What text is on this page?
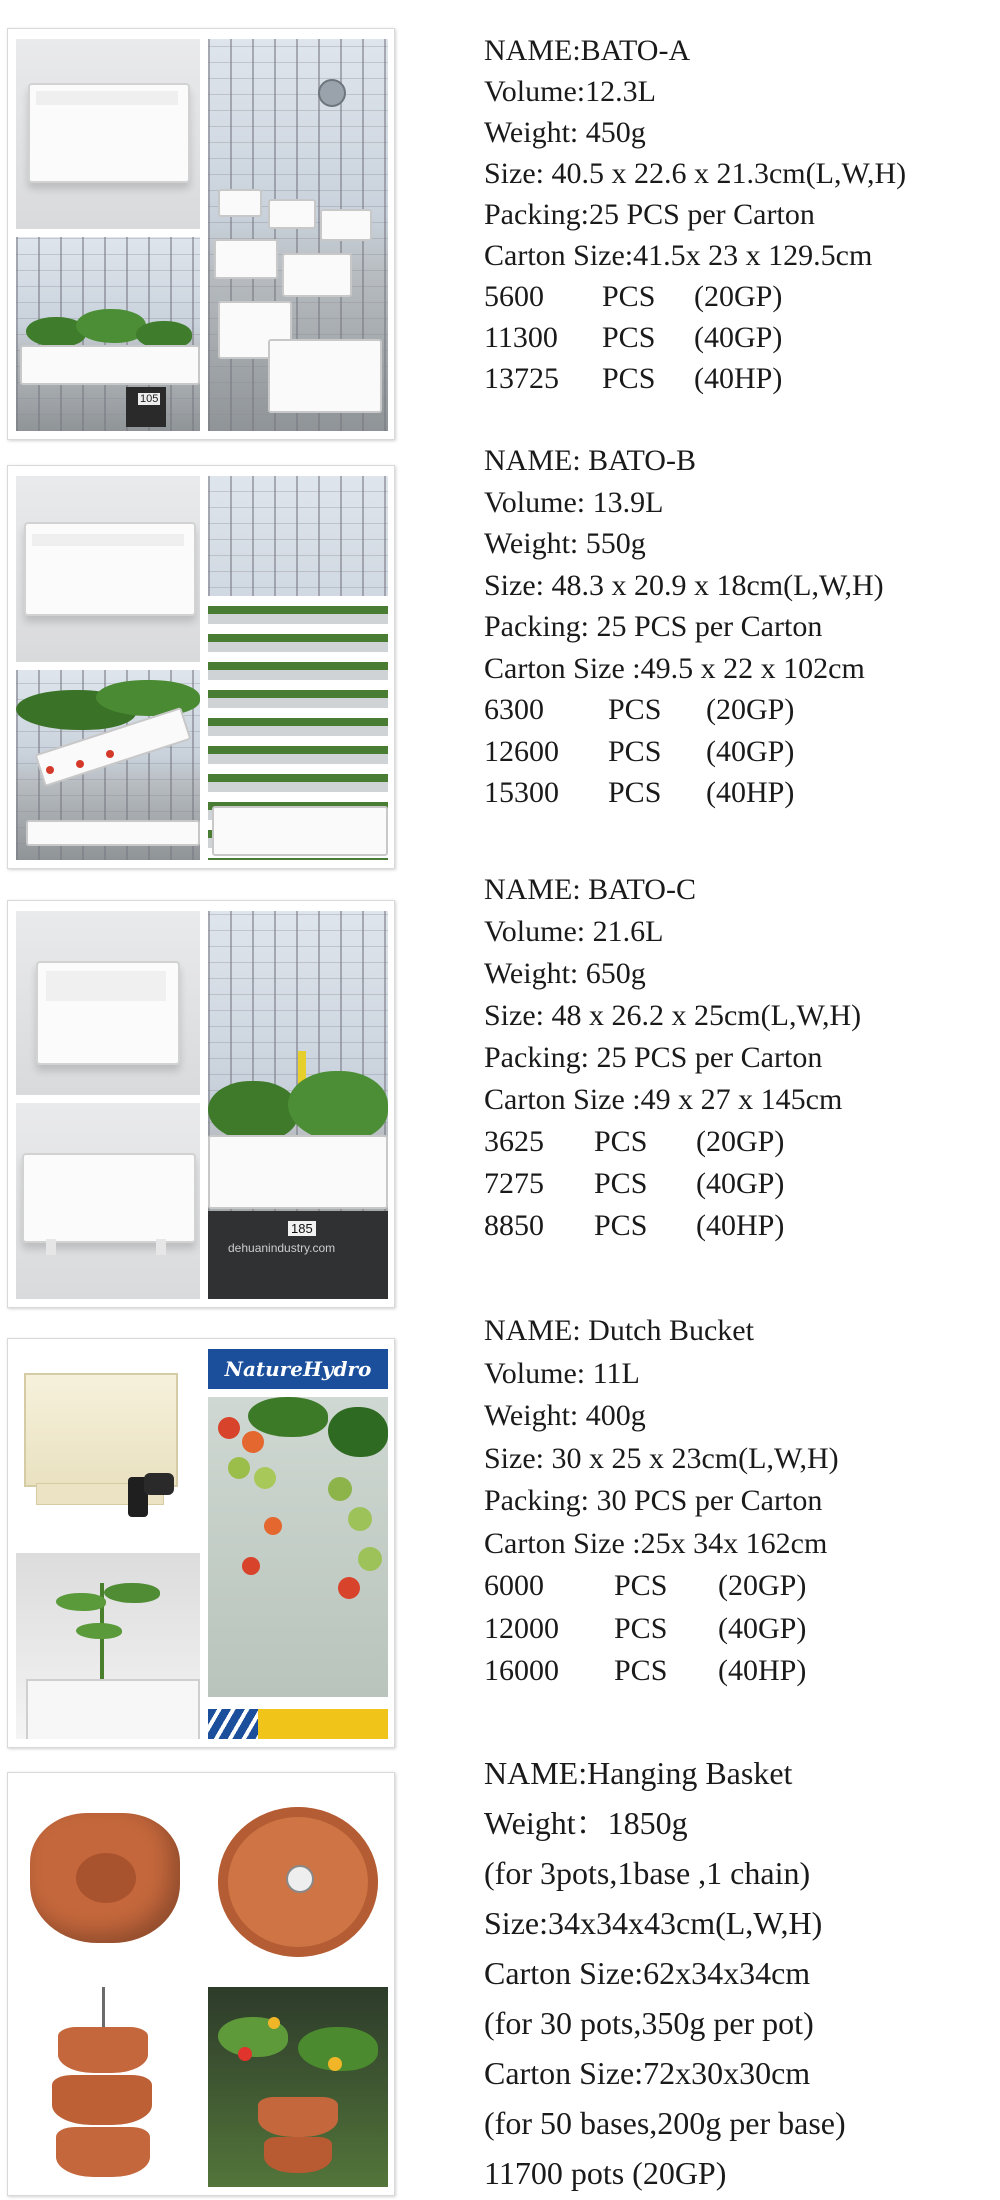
105
NAME:BATO-A
Volume:12.3L
Weight: 450g
Size: 40.5 x 22.6 x 21.3cm(L,W,H)
Packing:25 PCS per Carton
Carton Size:41.5x 23 x 129.5cm
5600	PCS	(20GP)
11300	PCS	(40GP)
13725	PCS	(40HP)
NAME: BATO-B
Volume: 13.9L
Weight: 550g
Size: 48.3 x 20.9 x 18cm(L,W,H)
Packing: 25 PCS per Carton
Carton Size :49.5 x 22 x 102cm
6300	PCS	(20GP)
12600	PCS	(40GP)
15300	PCS	(40HP)
185
dehuanindustry.com
NAME: BATO-C
Volume: 21.6L
Weight: 650g
Size: 48 x 26.2 x 25cm(L,W,H)
Packing: 25 PCS per Carton
Carton Size :49 x 27 x 145cm
3625	PCS	(20GP)
7275	PCS	(40GP)
8850	PCS	(40HP)
NatureHydro
NAME: Dutch Bucket
Volume: 11L
Weight: 400g
Size: 30 x 25 x 23cm(L,W,H)
Packing: 30 PCS per Carton
Carton Size :25x 34x 162cm
6000	PCS	(20GP)
12000	PCS	(40GP)
16000	PCS	(40HP)
NAME:Hanging Basket
Weight：1850g
(for 3pots,1base ,1 chain)
Size:34x34x43cm(L,W,H)
Carton Size:62x34x34cm
(for 30 pots,350g per pot)
Carton Size:72x30x30cm
(for 50 bases,200g per base)
11700 pots (20GP)
